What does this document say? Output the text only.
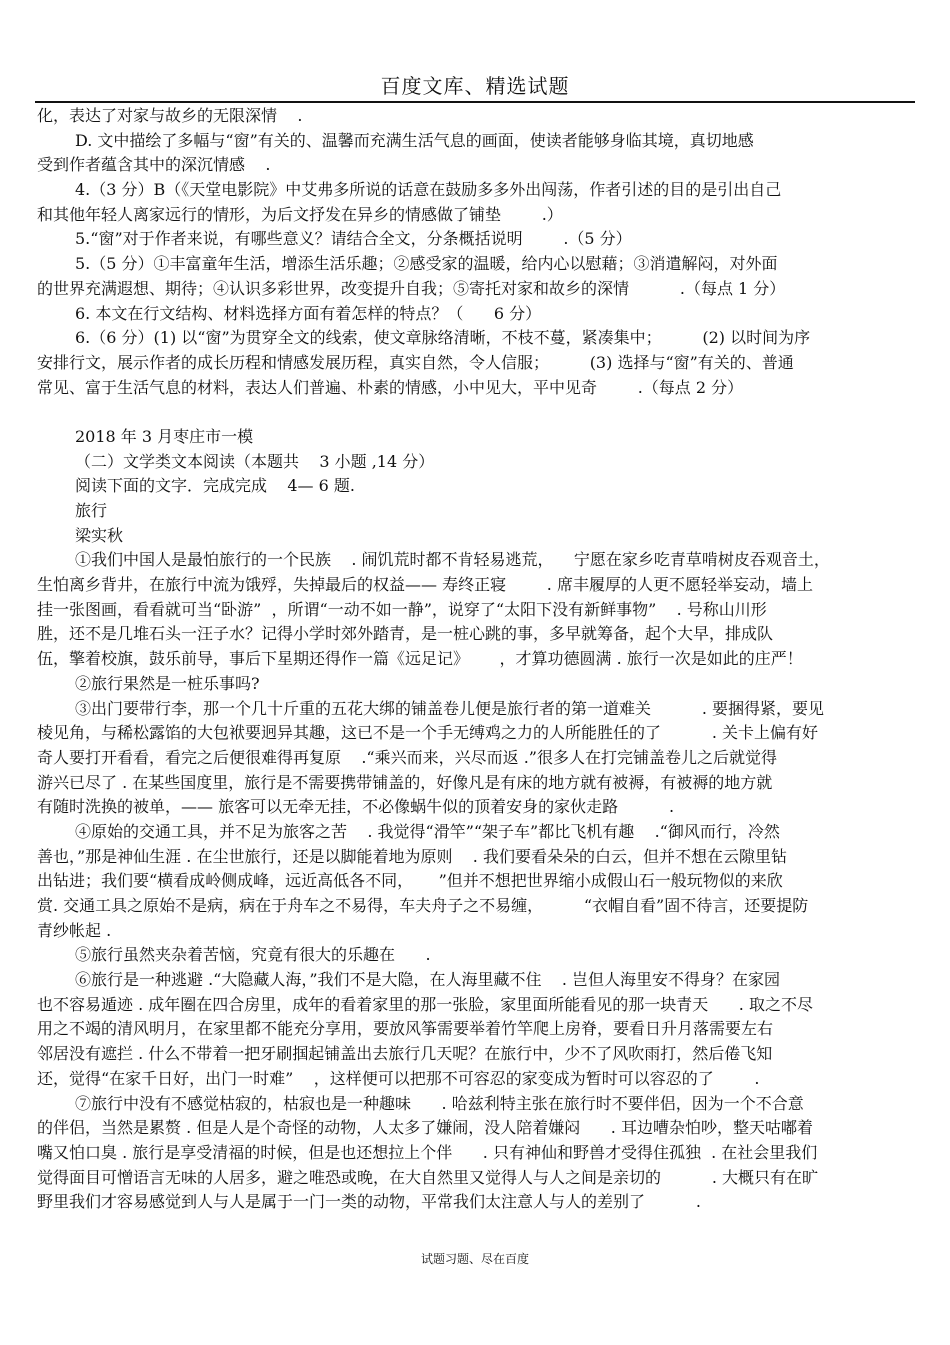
百度文库、精选试题
化，表达了对家与故乡的无限深情    .
D. 文中描绘了多幅与“窗”有关的、温馨而充满生活气息的画面，使读者能够身临其境，真切地感
受到作者蕴含其中的深沉情感    .
4.（3 分）B（《天堂电影院》中艾弗多所说的话意在鼓励多多外出闯荡，作者引述的目的是引出自己
和其他年轻人离家远行的情形，为后文抒发在异乡的情感做了铺垫        .）
5.“窗”对于作者来说，有哪些意义？请结合全文，分条概括说明        .（5 分）
5.（5 分）①丰富童年生活，增添生活乐趣；②感受家的温暖，给内心以慰藉；③消遣解闷，对外面
的世界充满遐想、期待；④认识多彩世界，改变提升自我；⑤寄托对家和故乡的深情          .（每点 1 分）
6. 本文在行文结构、材料选择方面有着怎样的特点？（      6 分）
6.（6 分）(1) 以“窗”为贯穿全文的线索，使文章脉络清晰，不枝不蔓，紧凑集中；        (2) 以时间为序
安排行文，展示作者的成长历程和情感发展历程，真实自然，令人信服；        (3) 选择与“窗”有关的、普通
常见、富于生活气息的材料，表达人们普遍、朴素的情感，小中见大，平中见奇        .（每点 2 分）
2018 年 3 月枣庄市一模
（二）文学类文本阅读（本题共    3 小题 ,14 分）
阅读下面的文字．完成完成    4— 6 题.
旅行
梁实秋
①我们中国人是最怕旅行的一个民族    . 闹饥荒时都不肯轻易逃荒，    宁愿在家乡吃青草啃树皮吞观音土，
生怕离乡背井，在旅行中流为饿殍，失掉最后的权益—— 寿终正寝        . 席丰履厚的人更不愿轻举妄动，墙上
挂一张图画，看看就可当“卧游”  ，所谓“一动不如一静”，说穿了“太阳下没有新鲜事物”    . 号称山川形
胜，还不是几堆石头一汪子水？记得小学时郊外踏青，是一桩心跳的事，多早就筹备，起个大早，排成队
伍，擎着校旗，鼓乐前导，事后下星期还得作一篇《远足记》      ，才算功德圆满 . 旅行一次是如此的庄严！
②旅行果然是一桩乐事吗?
③出门要带行李，那一个几十斤重的五花大绑的铺盖卷儿便是旅行者的第一道难关          . 要捆得紧，要见
棱见角，与稀松露馅的大包袱要迥异其趣，这已不是一个手无缚鸡之力的人所能胜任的了          . 关卡上偏有好
奇人要打开看看，看完之后便很难得再复原    .“乘兴而来，兴尽而返 .”很多人在打完铺盖卷儿之后就觉得
游兴已尽了 . 在某些国度里，旅行是不需要携带铺盖的，好像凡是有床的地方就有被褥，有被褥的地方就
有随时洗换的被单，—— 旅客可以无牵无挂，不必像蜗牛似的顶着安身的家伙走路          .
④原始的交通工具，并不足为旅客之苦    . 我觉得“滑竿”“架子车”都比飞机有趣    .“御风而行，冷然
善也，”那是神仙生涯 . 在尘世旅行，还是以脚能着地为原则    . 我们要看朵朵的白云，但并不想在云隙里钻
出钻进；我们要“横看成岭侧成峰，远近高低各不同，     ”但并不想把世界缩小成假山石一般玩物似的来欣
赏. 交通工具之原始不是病，病在于舟车之不易得，车夫舟子之不易缠，        “衣帽自看”固不待言，还要提防
青纱帐起 .
⑤旅行虽然夹杂着苦恼，究竟有很大的乐趣在      .
⑥旅行是一种逃避 .“大隐藏人海，”我们不是大隐，在人海里藏不住    . 岂但人海里安不得身？在家园
也不容易遁迹 . 成年圈在四合房里，成年的看着家里的那一张脸，家里面所能看见的那一块青天      . 取之不尽
用之不竭的清风明月，在家里都不能充分享用，要放风筝需要举着竹竿爬上房脊，要看日升月落需要左右
邻居没有遮拦 . 什么不带着一把牙刷掴起铺盖出去旅行几天呢？在旅行中，少不了风吹雨打，然后倦飞知
还，觉得“在家千日好，出门一时难”    ，这样便可以把那不可容忍的家变成为暂时可以容忍的了        .
⑦旅行中没有不感觉枯寂的，枯寂也是一种趣味      . 哈兹利特主张在旅行时不要伴侣，因为一个不合意
的伴侣，当然是累赘 . 但是人是个奇怪的动物，人太多了嫌闹，没人陪着嫌闷      . 耳边嘈杂怕吵，整天咕嘟着
嘴又怕口臭 . 旅行是享受清福的时候，但是也还想拉上个伴      . 只有神仙和野兽才受得住孤独  . 在社会里我们
觉得面目可憎语言无味的人居多，避之唯恐或晚，在大自然里又觉得人与人之间是亲切的          . 大概只有在旷
野里我们才容易感觉到人与人是属于一门一类的动物，平常我们太注意人与人的差别了          .
试题习题、尽在百度
